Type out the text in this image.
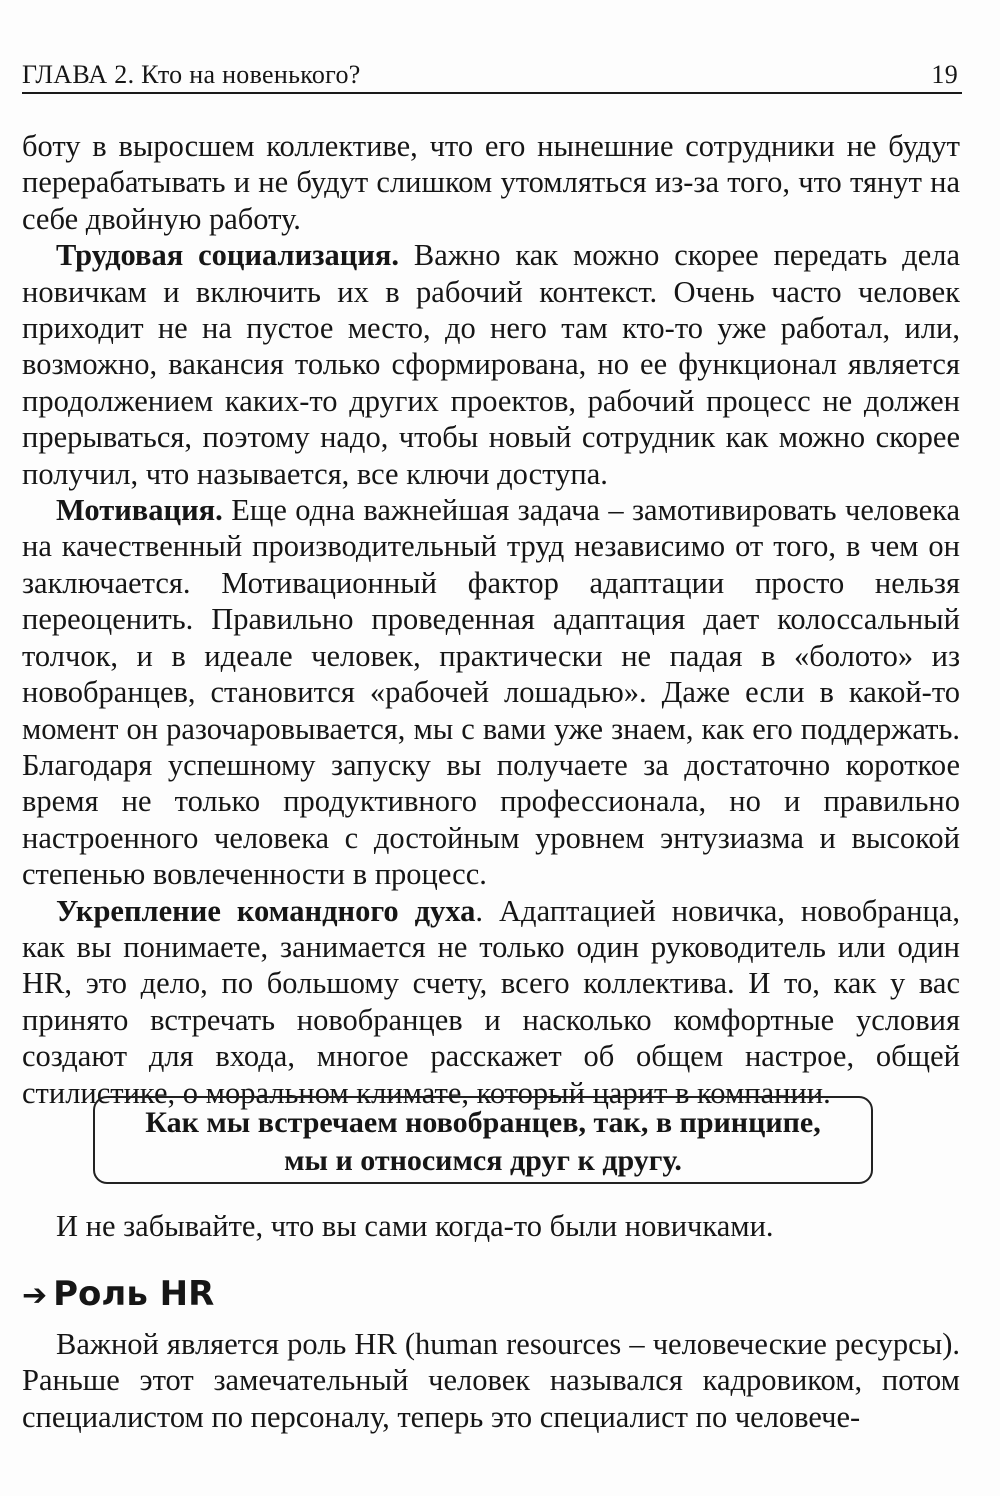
ГЛАВА 2. Кто на новенького?	19

боту в выросшем коллективе, что его нынешние сотрудники не будут перерабатывать и не будут слишком утомляться из-за того, что тянут на себе двойную работу.

Трудовая социализация. Важно как можно скорее передать дела новичкам и включить их в рабочий контекст. Очень часто человек приходит не на пустое место, до него там кто-то уже работал, или, возможно, вакансия только сформирована, но ее функционал является продолжением каких-то других проектов, рабочий процесс не должен прерываться, поэтому надо, чтобы новый сотрудник как можно скорее получил, что называется, все ключи доступа.

Мотивация. Еще одна важнейшая задача – замотивировать человека на качественный производительный труд независимо от того, в чем он заключается. Мотивационный фактор адаптации просто нельзя переоценить. Правильно проведенная адаптация дает колоссальный толчок, и в идеале человек, практически не падая в «болото» из новобранцев, становится «рабочей лошадью». Даже если в какой-то момент он разочаровывается, мы с вами уже знаем, как его поддержать. Благодаря успешному запуску вы получаете за достаточно короткое время не только продуктивного профессионала, но и правильно настроенного человека с достойным уровнем энтузиазма и высокой степенью вовлеченности в процесс.

Укрепление командного духа. Адаптацией новичка, новобранца, как вы понимаете, занимается не только один руководитель или один HR, это дело, по большому счету, всего коллектива. И то, как у вас принято встречать новобранцев и насколько комфортные условия создают для входа, многое расскажет об общем настрое, общей стилистике, о моральном климате, который царит в компании.

Как мы встречаем новобранцев, так, в принципе,
мы и относимся друг к другу.
И не забывайте, что вы сами когда-то были новичками.
➔ Роль HR

Важной является роль HR (human resources – человеческие ресурсы). Раньше этот замечательный человек назывался кадровиком, потом специалистом по персоналу, теперь это специалист по человече-
